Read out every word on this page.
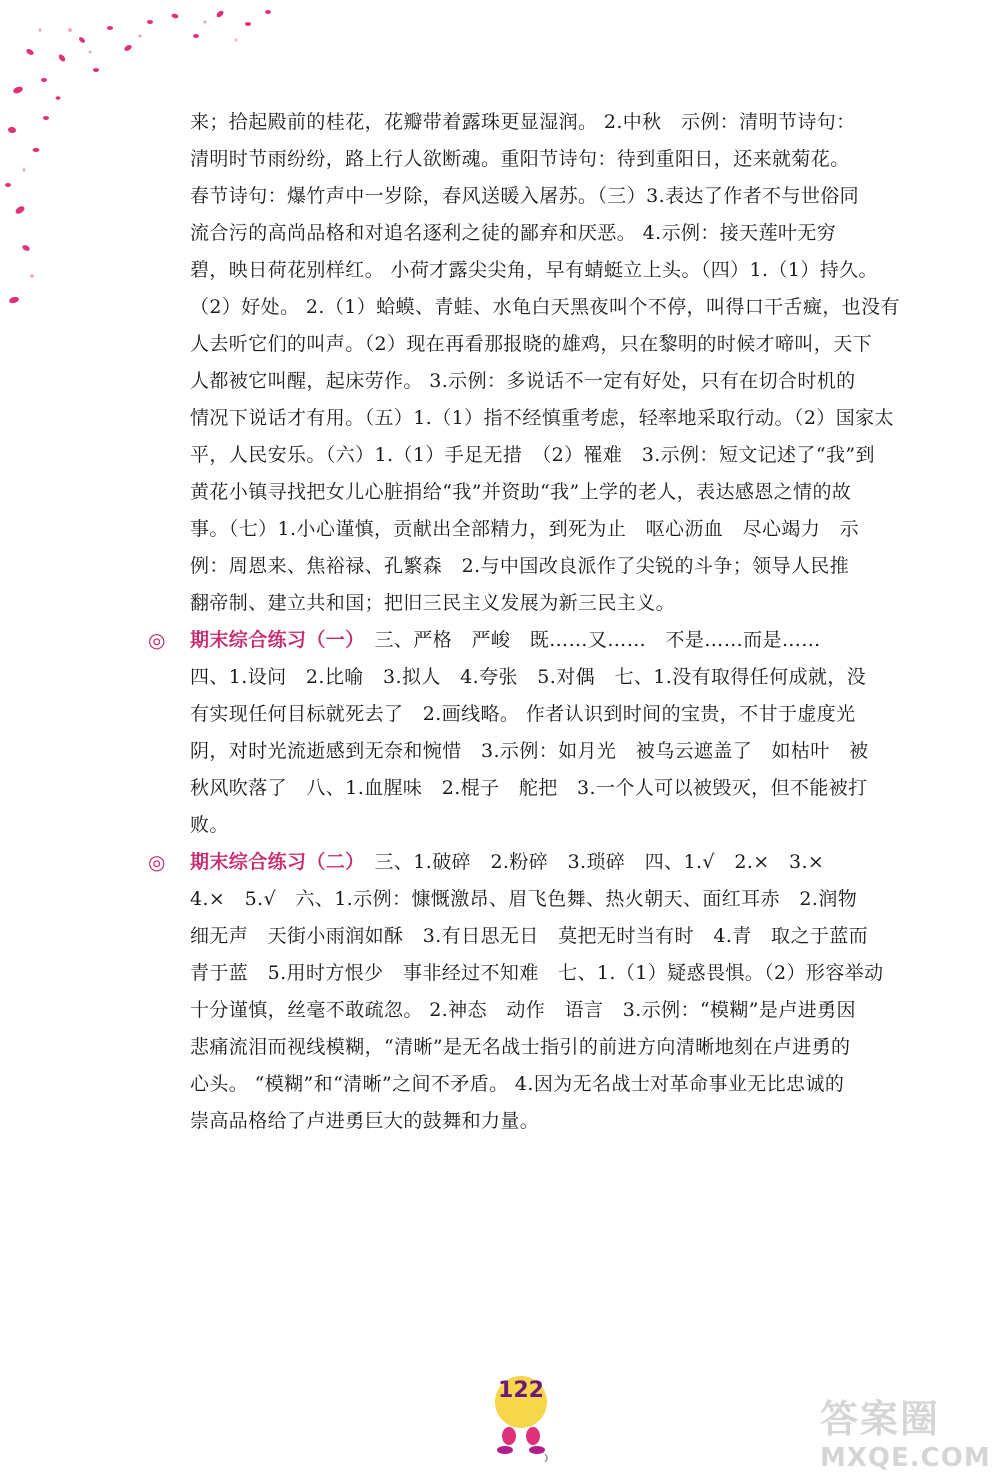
来；拾起殿前的桂花，花瓣带着露珠更显湿润。 2.中秋　示例：清明节诗句：
清明时节雨纷纷，路上行人欲断魂。重阳节诗句：待到重阳日，还来就菊花。
春节诗句：爆竹声中一岁除，春风送暖入屠苏。（三）3.表达了作者不与世俗同
流合污的高尚品格和对追名逐利之徒的鄙弃和厌恶。 4.示例：接天莲叶无穷
碧，映日荷花别样红。 小荷才露尖尖角，早有蜻蜓立上头。（四）1.（1）持久。
（2）好处。 2.（1）蛤蟆、青蛙、水龟白天黑夜叫个不停，叫得口干舌癍，也没有
人去听它们的叫声。（2）现在再看那报晓的雄鸡，只在黎明的时候才啼叫，天下
人都被它叫醒，起床劳作。 3.示例：多说话不一定有好处，只有在切合时机的
情况下说话才有用。（五）1.（1）指不经慎重考虑，轻率地采取行动。（2）国家太
平，人民安乐。（六）1.（1）手足无措　（2）罹难　3.示例：短文记述了“我”到
黄花小镇寻找把女儿心脏捐给“我”并资助“我”上学的老人，表达感恩之情的故
事。（七）1.小心谨慎，贡献出全部精力，到死为止　呕心沥血　尽心竭力　示
例：周恩来、焦裕禄、孔繁森　2.与中国改良派作了尖锐的斗争；领导人民推
翻帝制、建立共和国；把旧三民主义发展为新三民主义。
◎ 期末综合练习（一）　三、严格　严峻　既……又……　不是……而是……
四、1.设问　2.比喻　3.拟人　4.夸张　5.对偶　七、1.没有取得任何成就，没
有实现任何目标就死去了　2.画线略。 作者认识到时间的宝贵，不甘于虚度光
阴，对时光流逝感到无奈和惋惜　3.示例：如月光　被乌云遮盖了　如枯叶　被
秋风吹落了　八、1.血腥味　2.棍子　舵把　3.一个人可以被毁灭，但不能被打
败。
◎ 期末综合练习（二）　三、1.破碎　2.粉碎　3.琐碎　四、1.√　2.×　3.×
4.×　5.√　六、1.示例：慷慨激昂、眉飞色舞、热火朝天、面红耳赤　2.润物
细无声　天街小雨润如酥　3.有日思无日　莫把无时当有时　4.青　取之于蓝而
青于蓝　5.用时方恨少　事非经过不知难　七、1.（1）疑惑畏惧。（2）形容举动
十分谨慎，丝毫不敢疏忽。 2.神态　动作　语言　3.示例：“模糊”是卢进勇因
悲痛流泪而视线模糊，“清晰”是无名战士指引的前进方向清晰地刻在卢进勇的
心头。 “模糊”和“清晰”之间不矛盾。 4.因为无名战士对革命事业无比忠诚的
崇高品格给了卢进勇巨大的鼓舞和力量。
122
答案圈
MXQE.COM
